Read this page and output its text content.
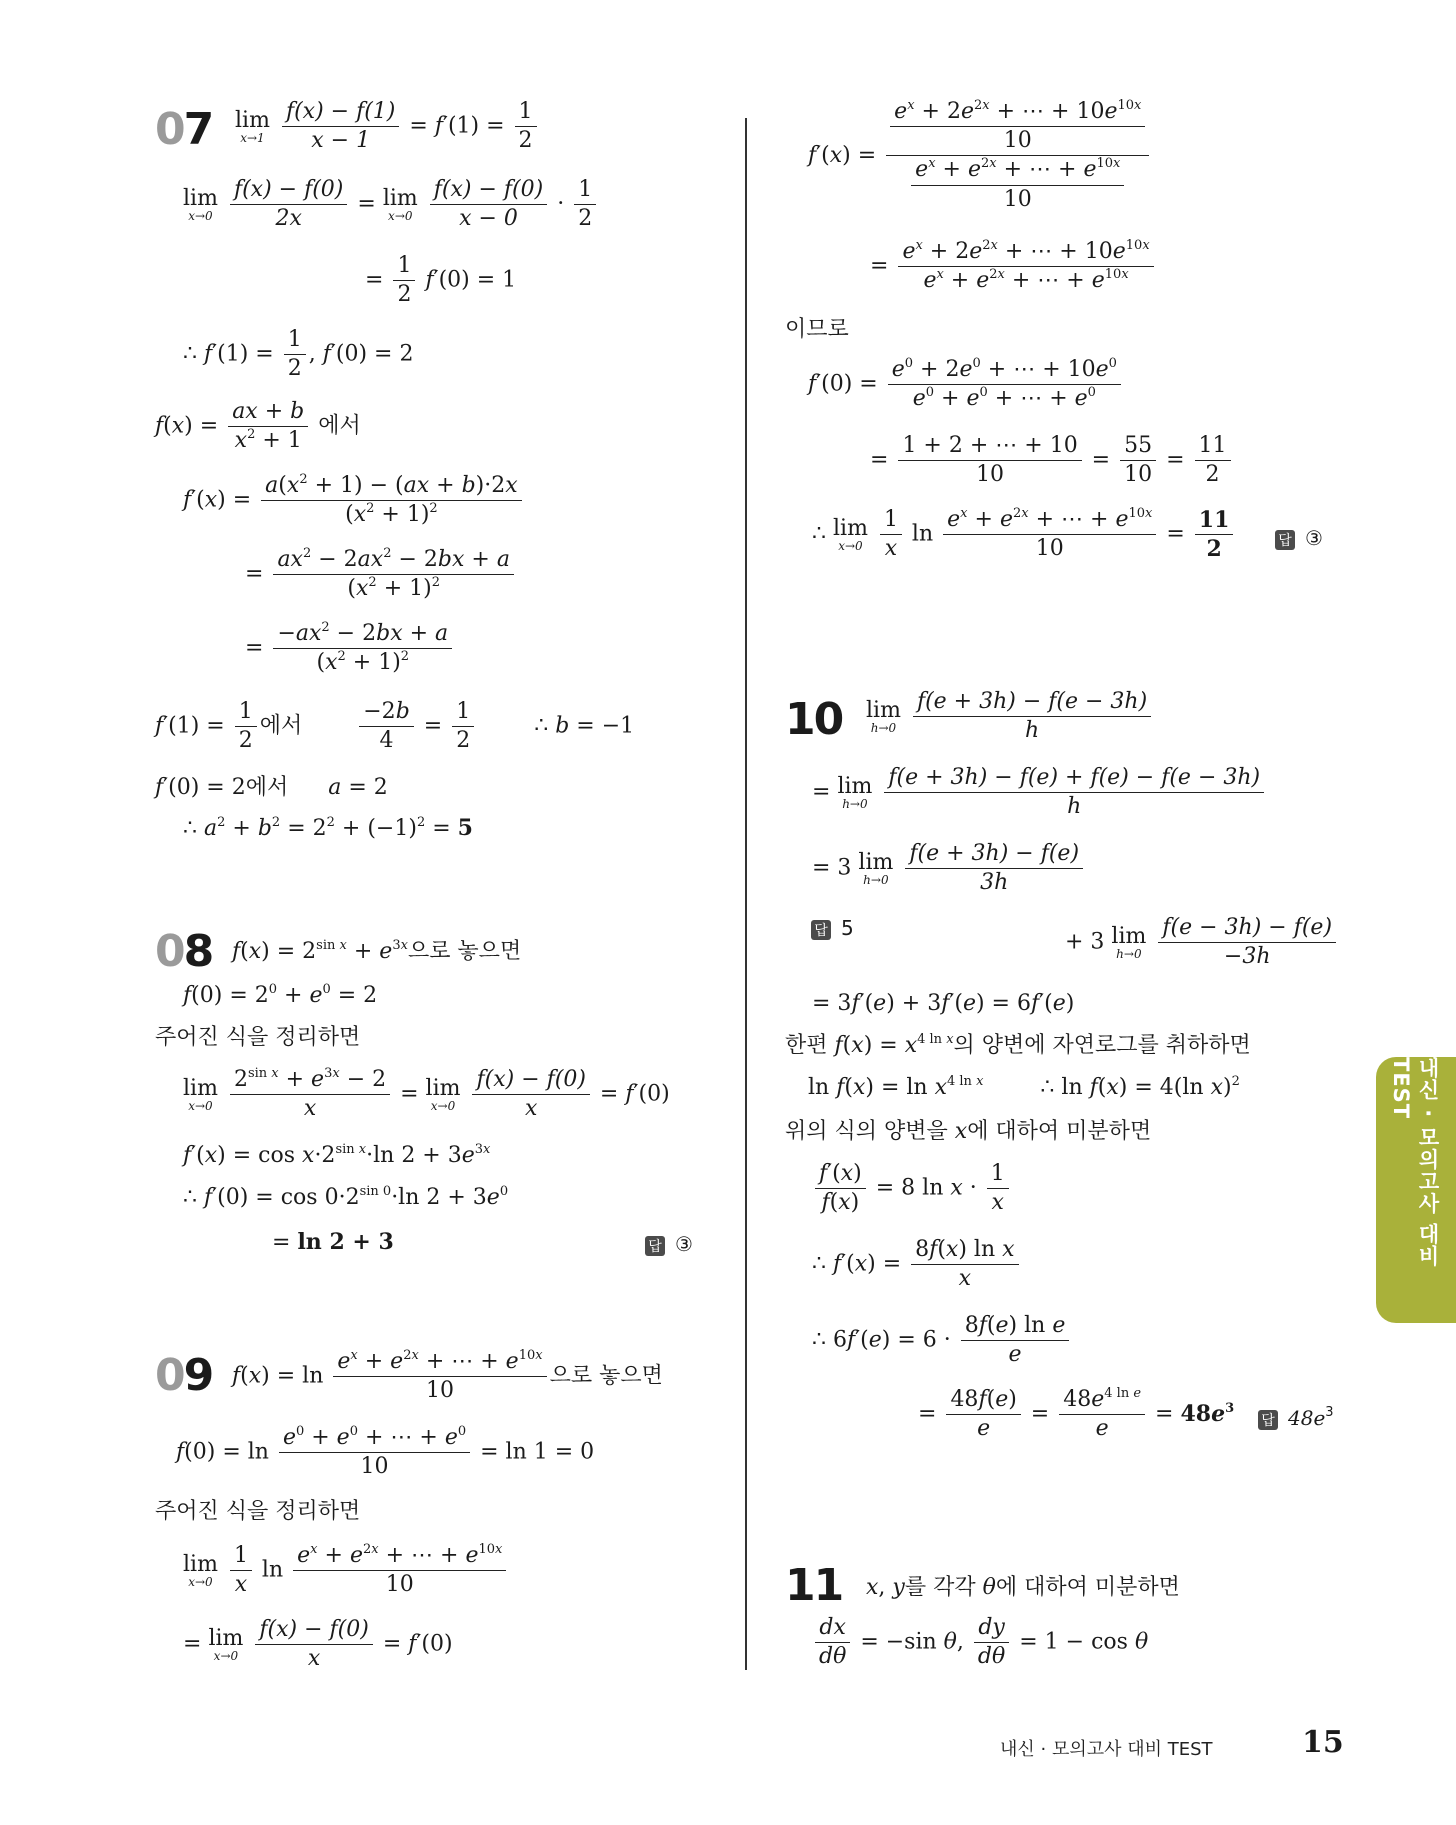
07 lim
x→1
$\frac{f(x) - f(1)}{x - 1} = f'(1) = \frac{1}{2}$
lim
x→0
$\frac{f(x) - f(0)}{2x} = \lim$
x→0
$\frac{f(x) - f(0)}{x - 0} \cdot \frac{1}{2}$
= $\frac{1}{2} f'(0) = 1$
∴ $f'(1) = \frac{1}{2}$ , f′(0) = 2
$f(x) = \frac{ax + b}{x^2 + 1}$ 에서
$f'(x) = \frac{a(x^2 + 1) - (ax + b)\cdot 2x}{(x^2 + 1)^2}$
= $\frac{ax^2 - 2ax^2 - 2bx + a}{(x^2 + 1)^2}$
= $\frac{-ax^2 - 2bx + a}{(x^2 + 1)^2}$
$f'(1) = \frac{1}{2}$ 에서	$\frac{-2b}{4} = \frac{1}{2}$	∴ b = −1
f′(0) = 2에서 a = 2
∴ $a^2 + b^2 = 2^2 + (-1)^2 = 5$
답 5
08 $f(x) = 2^{sin x} + e^{3x}$으로 놓으면
$f(0) = 2^0 + e^0 = 2$
주어진 식을 정리하면
lim
x→0
$\frac{2^{sin x} + e^{3x} - 2}{x} = \lim$
x→0
$\frac{f(x) - f(0)}{x} = f'(0)$
$f'(x) = \cos x\cdot 2^{sin x}\cdot\ln$ $2 + 3e^{3x}$
∴ $f'(0) = \cos 0\cdot 2^{sin 0}\cdot\ln$ $2 + 3e^0$
= ln 2 + 3	답 ③
09 $f(x) = \ln \frac{e^x + e^{2x} + \cdots + e^{10x}}{10}$ 으로 놓으면
$f(0) = \ln \frac{e^0 + e^0 + \cdots + e^0}{10} = \ln 1 = 0$
주어진 식을 정리하면
lim
x→0
$\frac{1}{x}$ $\ln \frac{e^x + e^{2x} + \cdots + e^{10x}}{10}$
= lim
x→0
$\frac{f(x) - f(0)}{x} = f'(0)$
$f'(x) = \frac{\frac{e^x + 2e^{2x} + \cdots + 10e^{10x}}{10}}{\frac{e^x + e^{2x} + \cdots + e^{10x}}{10}}$
= $\frac{e^x + 2e^{2x} + \cdots + 10e^{10x}}{e^x + e^{2x} + \cdots + e^{10x}}$
이므로
$f'(0) = \frac{e^0 + 2e^0 + \cdots + 10e^0}{e^0 + e^0 + \cdots + e^0}$
= $\frac{1 + 2 + \cdots + 10}{10} = \frac{55}{10} = \frac{11}{2}$
∴ lim
x→0
$\frac{1}{x}$ $\ln \frac{e^x + e^{2x} + \cdots + e^{10x}}{10} = \frac{11}{2}$	답 ③
10 lim
h→0
$\frac{f(e + 3h) - f(e - 3h)}{h}$
= lim
h→0
$\frac{f(e + 3h) - f(e) + f(e) - f(e - 3h)}{h}$
= 3 lim
h→0
$\frac{f(e + 3h) - f(e)}{3h}$
+ 3 lim
h→0
$\frac{f(e - 3h) - f(e)}{-3h}$
= 3f′(e) + 3f′(e) = 6f′(e)
한편 $f(x) = x^{4 ln x}$의 양변에 자연로그를 취하하면
$\ln f(x) = \ln x^{4 ln x}$	∴ ln f(x) = 4(ln x)$^2$
위의 식의 양변을 x에 대하여 미분하면
$\frac{f'(x)}{f(x)} = 8$ $\ln x \cdot \frac{1}{x}$
∴ $f'(x) = \frac{\text{8f(x) ln x}}{x}$
∴ $6f'(e) = 6 \cdot \frac{\text{8f(e) ln e}}{e}$
= $\frac{48f(e)}{e} = \frac{48e^{4 ln e}}{e} = 48e^3$
답 $48e^3$
11 x, y를 각각 θ에 대하여 미분하면
$\frac{dx}{d\theta} = -\sin$ θ, $\frac{dy}{d\theta} = 1 - \cos \theta$
내신 · 모의고사 대비 TEST
내신 · 모의고사 대비 TEST	15
